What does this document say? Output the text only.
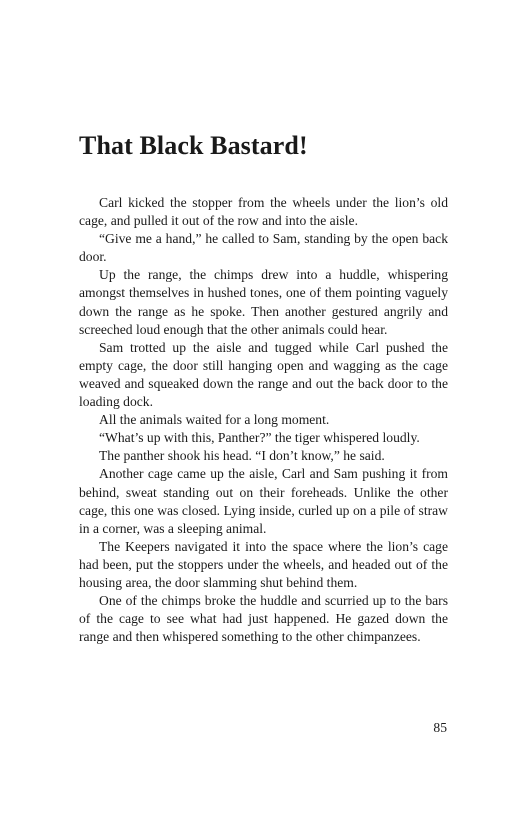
That Black Bastard!

Carl kicked the stopper from the wheels under the lion’s old cage, and pulled it out of the row and into the aisle.

“Give me a hand,” he called to Sam, standing by the open back door.

Up the range, the chimps drew into a huddle, whispering amongst themselves in hushed tones, one of them pointing vaguely down the range as he spoke. Then another gestured angrily and screeched loud enough that the other animals could hear.

Sam trotted up the aisle and tugged while Carl pushed the empty cage, the door still hanging open and wagging as the cage weaved and squeaked down the range and out the back door to the loading dock.

All the animals waited for a long moment.

“What’s up with this, Panther?” the tiger whispered loudly.

The panther shook his head. “I don’t know,” he said.

Another cage came up the aisle, Carl and Sam pushing it from behind, sweat standing out on their foreheads. Unlike the other cage, this one was closed. Lying inside, curled up on a pile of straw in a corner, was a sleeping animal.

The Keepers navigated it into the space where the lion’s cage had been, put the stoppers under the wheels, and headed out of the housing area, the door slamming shut behind them.

One of the chimps broke the huddle and scurried up to the bars of the cage to see what had just happened. He gazed down the range and then whispered something to the other chimpanzees.

85
